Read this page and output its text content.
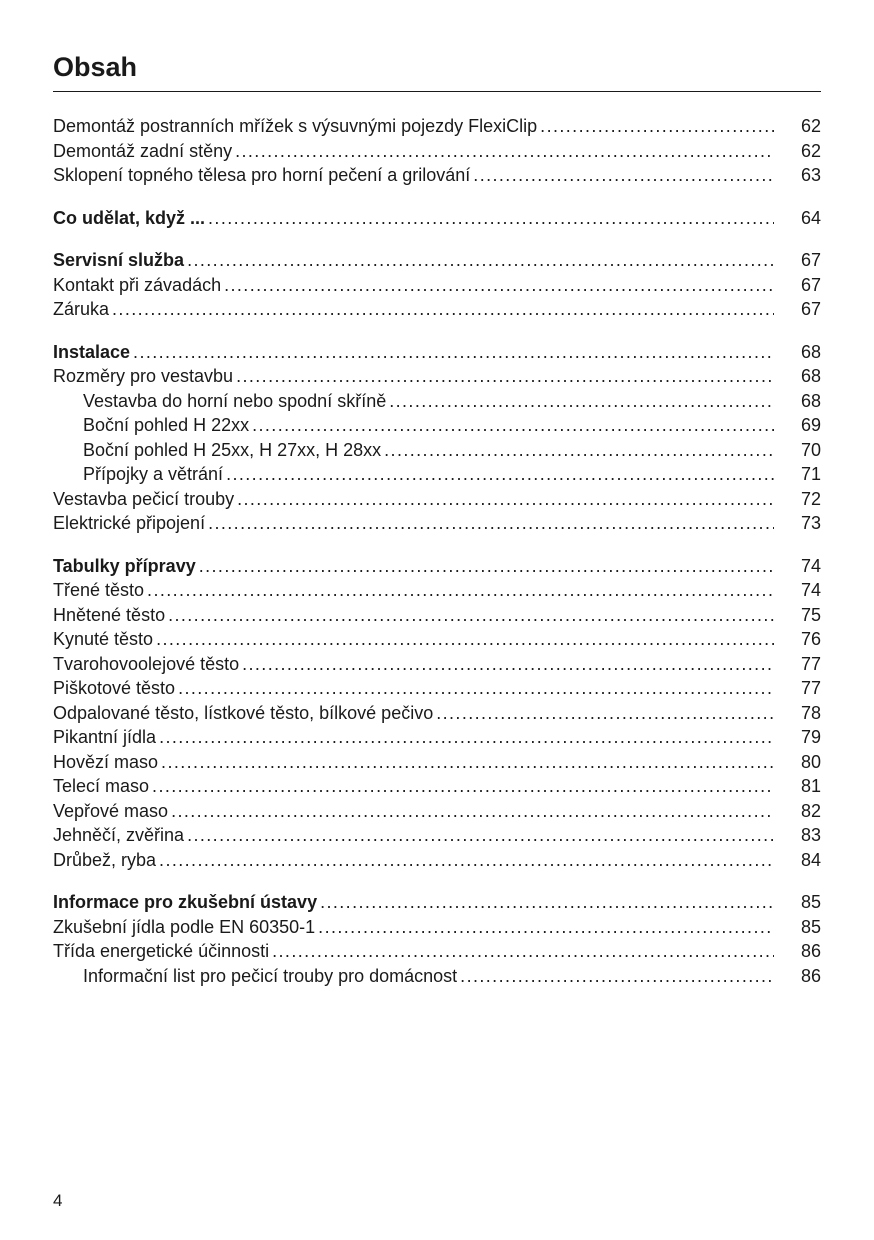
Obsah
Demontáž postranních mřížek s výsuvnými pojezdy FlexiClip .....	62
Demontáž zadní stěny .....	62
Sklopení topného tělesa pro horní pečení a grilování .....	63
Co udělat, když ... .....	64
Servisní služba .....	67
Kontakt při závadách .....	67
Záruka .....	67
Instalace .....	68
Rozměry pro vestavbu .....	68
Vestavba do horní nebo spodní skříně .....	68
Boční pohled H 22xx .....	69
Boční pohled H 25xx, H 27xx, H 28xx .....	70
Přípojky a větrání .....	71
Vestavba pečicí trouby .....	72
Elektrické připojení .....	73
Tabulky přípravy .....	74
Třené těsto .....	74
Hnětené těsto .....	75
Kynuté těsto .....	76
Tvarohovoolejové těsto .....	77
Piškotové těsto .....	77
Odpalované těsto, lístkové těsto, bílkové pečivo .....	78
Pikantní jídla .....	79
Hovězí maso .....	80
Telecí maso .....	81
Vepřové maso .....	82
Jehněčí, zvěřina .....	83
Drůbež, ryba .....	84
Informace pro zkušební ústavy .....	85
Zkušební jídla podle EN 60350-1 .....	85
Třída energetické účinnosti .....	86
Informační list pro pečicí trouby pro domácnost .....	86
4
